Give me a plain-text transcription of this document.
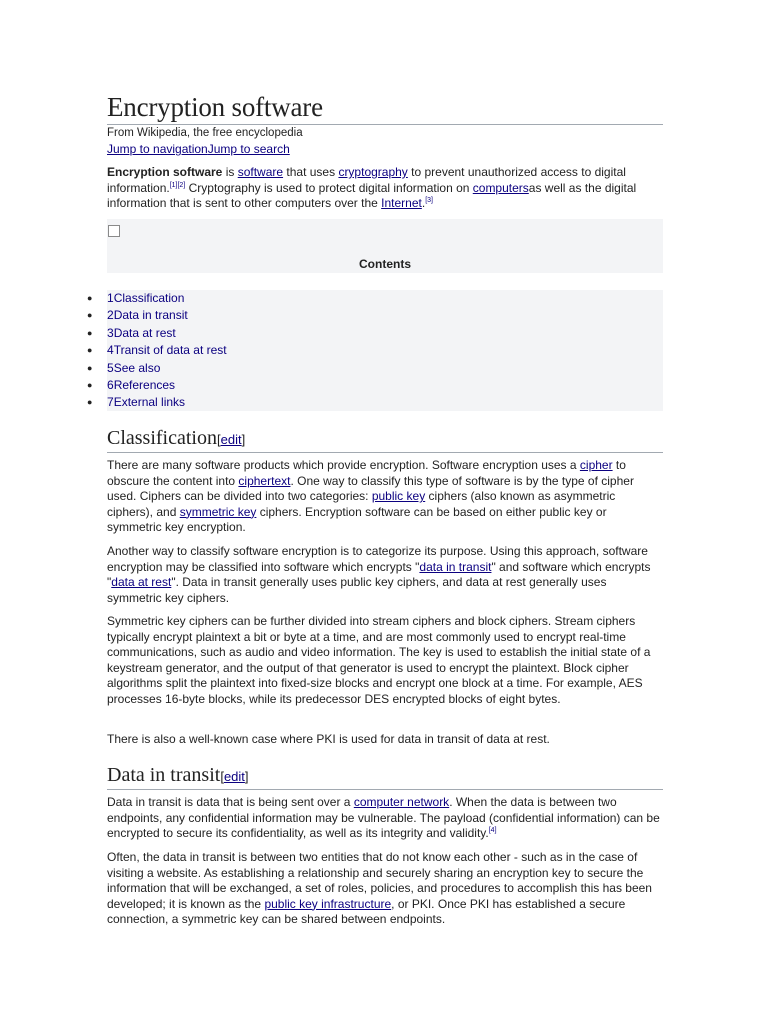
Encryption software
From Wikipedia, the free encyclopedia
Jump to navigationJump to search

Encryption software is software that uses cryptography to prevent unauthorized access to digital information.[1][2] Cryptography is used to protect digital information on computersas well as the digital information that is sent to other computers over the Internet.[3]

Contents
● 1Classification
● 2Data in transit
● 3Data at rest
● 4Transit of data at rest
● 5See also
● 6References
● 7External links
Classification[edit]

There are many software products which provide encryption. Software encryption uses a cipher to obscure the content into ciphertext. One way to classify this type of software is by the type of cipher used. Ciphers can be divided into two categories: public key ciphers (also known as asymmetric ciphers), and symmetric key ciphers. Encryption software can be based on either public key or symmetric key encryption.

Another way to classify software encryption is to categorize its purpose. Using this approach, software encryption may be classified into software which encrypts "data in transit" and software which encrypts "data at rest". Data in transit generally uses public key ciphers, and data at rest generally uses symmetric key ciphers.

Symmetric key ciphers can be further divided into stream ciphers and block ciphers. Stream ciphers typically encrypt plaintext a bit or byte at a time, and are most commonly used to encrypt real-time communications, such as audio and video information. The key is used to establish the initial state of a keystream generator, and the output of that generator is used to encrypt the plaintext. Block cipher algorithms split the plaintext into fixed-size blocks and encrypt one block at a time. For example, AES processes 16-byte blocks, while its predecessor DES encrypted blocks of eight bytes.

There is also a well-known case where PKI is used for data in transit of data at rest.

Data in transit[edit]

Data in transit is data that is being sent over a computer network. When the data is between two endpoints, any confidential information may be vulnerable. The payload (confidential information) can be encrypted to secure its confidentiality, as well as its integrity and validity.[4]

Often, the data in transit is between two entities that do not know each other - such as in the case of visiting a website. As establishing a relationship and securely sharing an encryption key to secure the information that will be exchanged, a set of roles, policies, and procedures to accomplish this has been developed; it is known as the public key infrastructure, or PKI. Once PKI has established a secure connection, a symmetric key can be shared between endpoints.
